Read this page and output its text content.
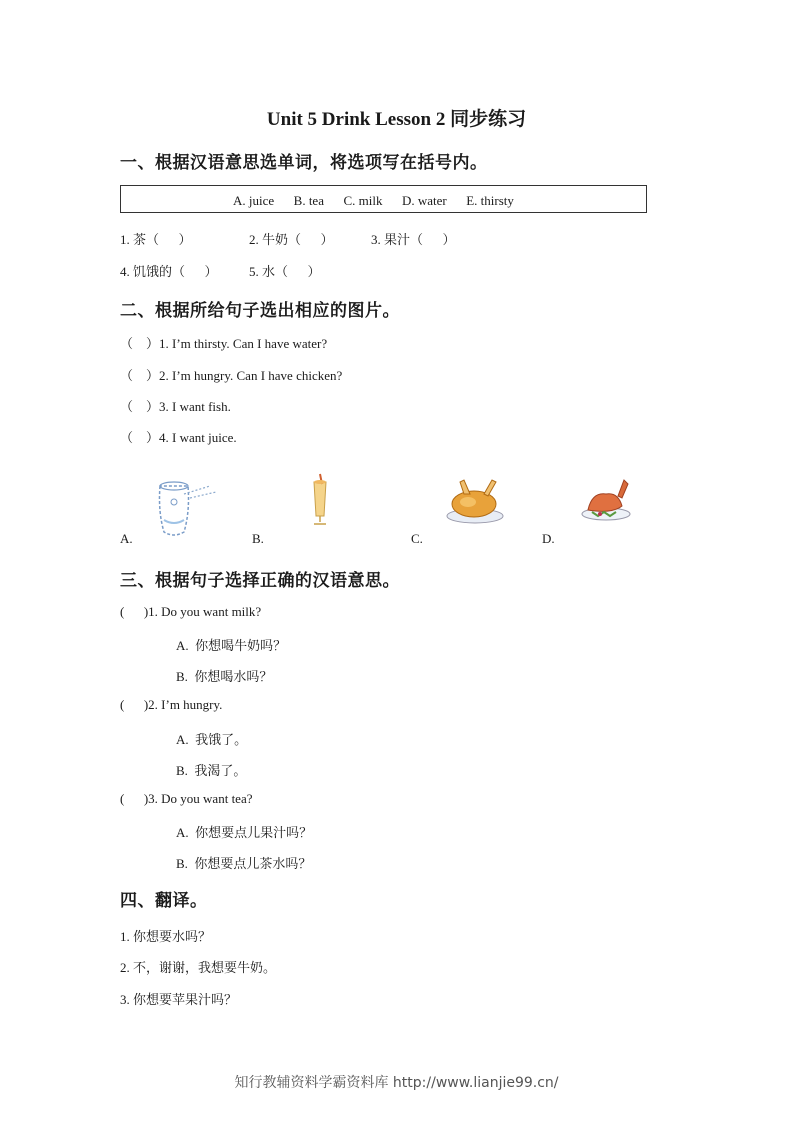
Unit 5 Drink Lesson 2 同步练习
一、根据汉语意思选单词，将选项写在括号内。
A. juice      B. tea      C. milk      D. water      E. thirsty
1. 茶（      ）	2. 牛奶（      ）	3. 果汁（      ）
4. 饥饿的（      ） 5. 水（      ）
二、根据所给句子选出相应的图片。
（    ）1. I’m thirsty. Can I have water?
（    ）2. I’m hungry. Can I have chicken?
（    ）3. I want fish.
（    ）4. I want juice.
A.	B.	C.	D.
三、根据句子选择正确的汉语意思。
(      )1. Do you want milk?
A.  你想喝牛奶吗？
B.  你想喝水吗？
(      )2. I’m hungry.
A.  我饿了。
B.  我渴了。
(      )3. Do you want tea?
A.  你想要点儿果汁吗？
B.  你想要点儿茶水吗？
四、翻译。
1. 你想要水吗？
2. 不，谢谢，我想要牛奶。
3. 你想要苹果汁吗？
知行教辅资料学霸资料库 http://www.lianjie99.cn/
